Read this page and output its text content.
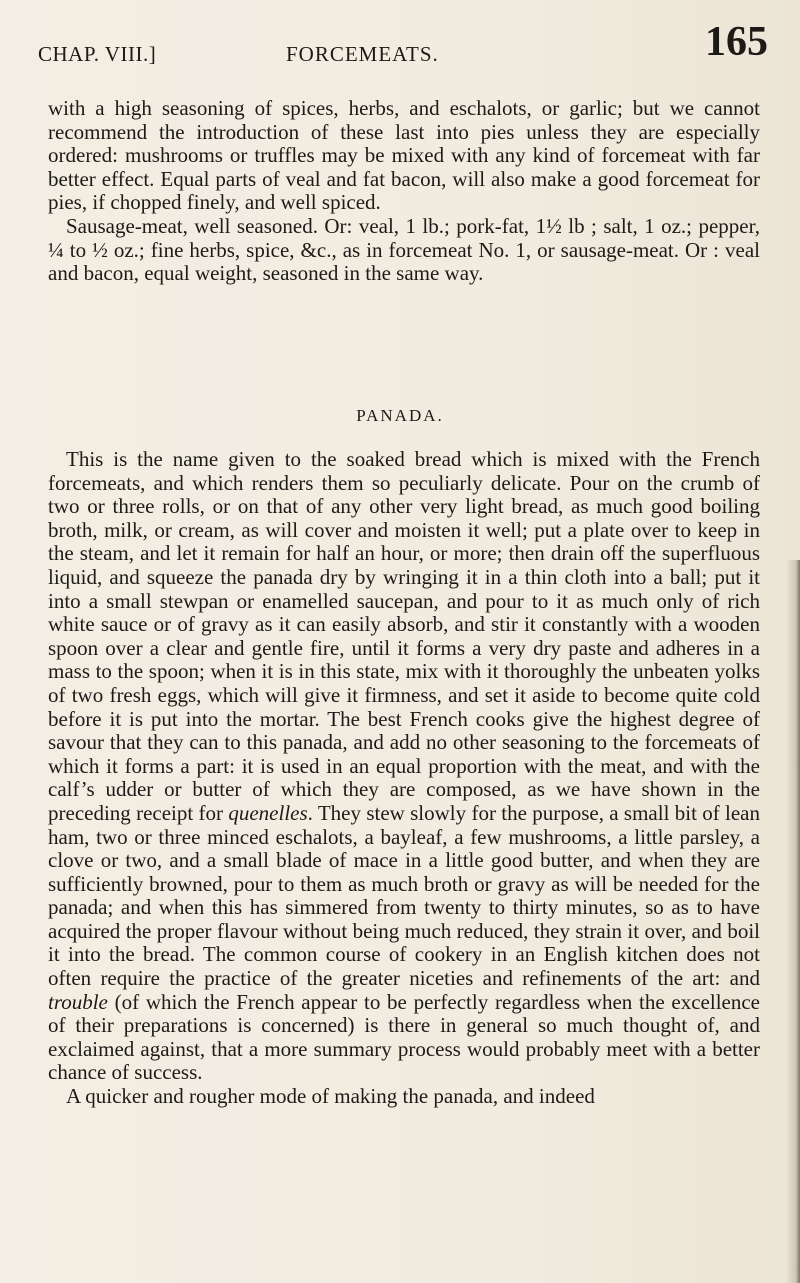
CHAP. VIII.]	FORCEMEATS.	165

with a high seasoning of spices, herbs, and eschalots, or garlic; but we cannot recommend the introduction of these last into pies unless they are especially ordered: mushrooms or truffles may be mixed with any kind of forcemeat with far better effect. Equal parts of veal and fat bacon, will also make a good forcemeat for pies, if chopped finely, and well spiced.

Sausage-meat, well seasoned. Or: veal, 1 lb.; pork-fat, 1½ lb ; salt, 1 oz.; pepper, ¼ to ½ oz.; fine herbs, spice, &c., as in forcemeat No. 1, or sausage-meat. Or : veal and bacon, equal weight, seasoned in the same way.

PANADA.

This is the name given to the soaked bread which is mixed with the French forcemeats, and which renders them so peculiarly delicate. Pour on the crumb of two or three rolls, or on that of any other very light bread, as much good boiling broth, milk, or cream, as will cover and moisten it well; put a plate over to keep in the steam, and let it remain for half an hour, or more; then drain off the superfluous liquid, and squeeze the panada dry by wringing it in a thin cloth into a ball; put it into a small stewpan or enamelled saucepan, and pour to it as much only of rich white sauce or of gravy as it can easily absorb, and stir it constantly with a wooden spoon over a clear and gentle fire, until it forms a very dry paste and adheres in a mass to the spoon; when it is in this state, mix with it thoroughly the unbeaten yolks of two fresh eggs, which will give it firmness, and set it aside to become quite cold before it is put into the mortar. The best French cooks give the highest degree of savour that they can to this panada, and add no other seasoning to the forcemeats of which it forms a part: it is used in an equal proportion with the meat, and with the calf’s udder or butter of which they are composed, as we have shown in the preceding receipt for quenelles. They stew slowly for the purpose, a small bit of lean ham, two or three minced eschalots, a bayleaf, a few mushrooms, a little parsley, a clove or two, and a small blade of mace in a little good butter, and when they are sufficiently browned, pour to them as much broth or gravy as will be needed for the panada; and when this has simmered from twenty to thirty minutes, so as to have acquired the proper flavour without being much reduced, they strain it over, and boil it into the bread. The common course of cookery in an English kitchen does not often require the practice of the greater niceties and refinements of the art: and trouble (of which the French appear to be perfectly regardless when the excellence of their preparations is concerned) is there in general so much thought of, and exclaimed against, that a more summary process would probably meet with a better chance of success.

A quicker and rougher mode of making the panada, and indeed
